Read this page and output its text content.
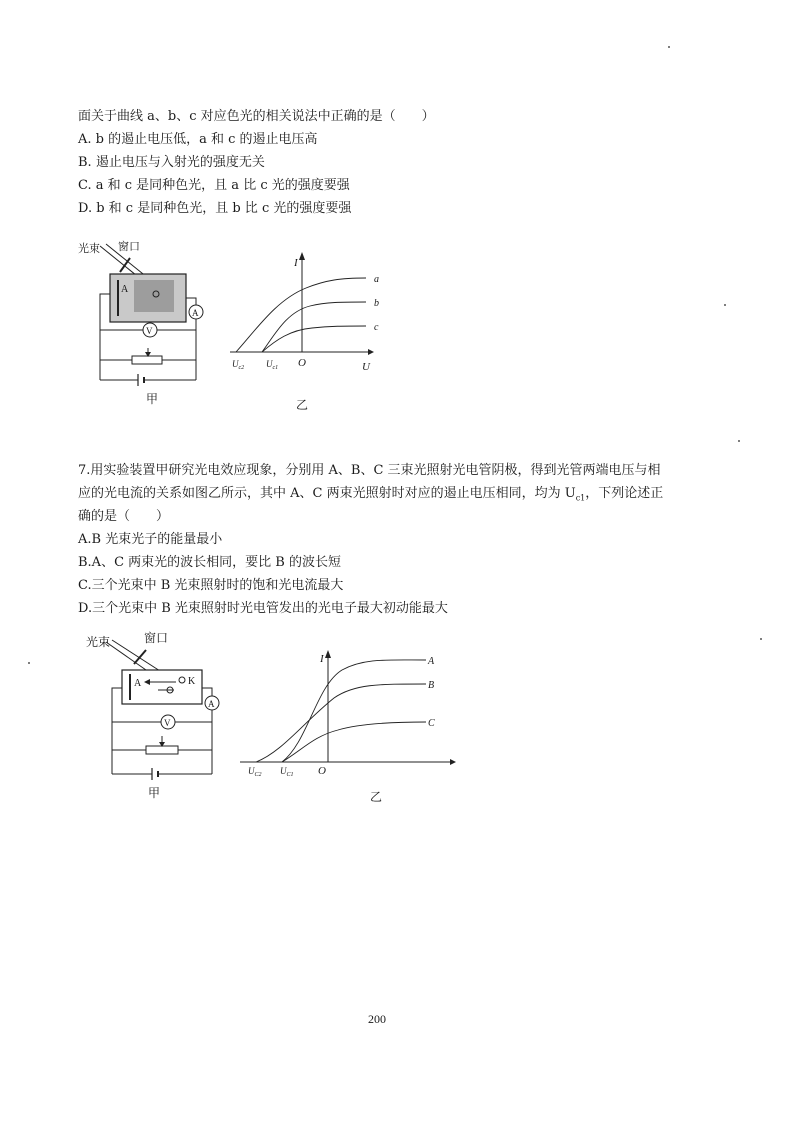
面关于曲线 a、b、c 对应色光的相关说法中正确的是（　　）
A. b 的遏止电压低，a 和 c 的遏止电压高
B. 遏止电压与入射光的强度无关
C. a 和 c 是同种色光，且 a 比 c 光的强度要强
D. b 和 c 是同种色光，且 b 比 c 光的强度要强
光束 窗口
A
A
V
甲
I
U
O
$U_{c2}$ $U_{c1}$
a
b
c
乙
7.用实验装置甲研究光电效应现象，分别用 A、B、C 三束光照射光电管阴极，得到光管两端电压与相
应的光电流的关系如图乙所示，其中 A、C 两束光照射时对应的遏止电压相同，均为 $U_{c1}$，下列论述正
确的是（　　）
A.B 光束光子的能量最小
B.A、C 两束光的波长相同，要比 B 的波长短
C.三个光束中 B 光束照射时的饱和光电流最大
D.三个光束中 B 光束照射时光电管发出的光电子最大初动能最大
光束	窗口
A	K
A
V
甲
I
O
$U_{C2}$ $U_{C1}$
A
B
C
乙
200
